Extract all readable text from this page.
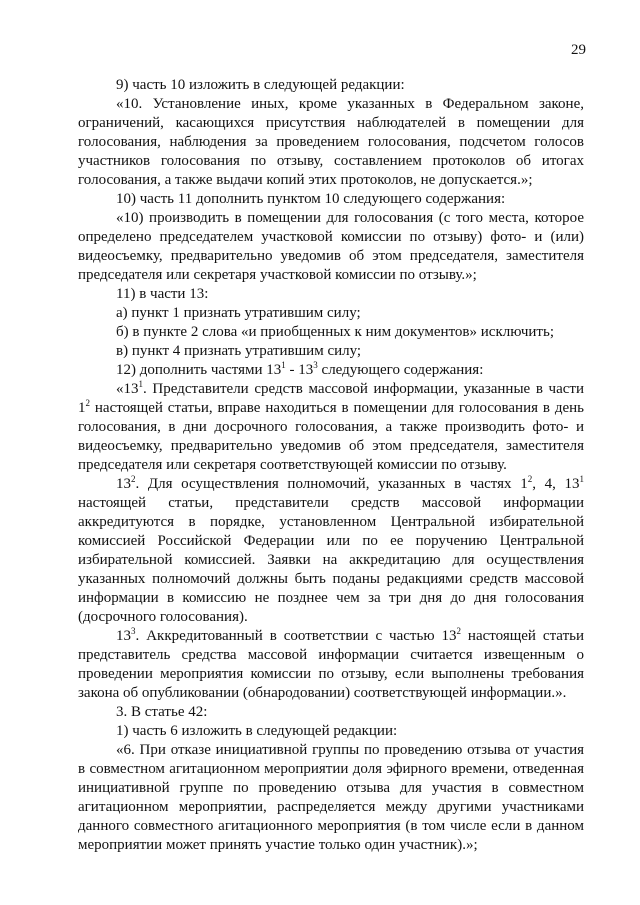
29

9) часть 10 изложить в следующей редакции:

«10. Установление иных, кроме указанных в Федеральном законе, ограничений, касающихся присутствия наблюдателей в помещении для голосования, наблюдения за проведением голосования, подсчетом голосов участников голосования по отзыву, составлением протоколов об итогах голосования, а также выдачи копий этих протоколов, не допускается.»;

10) часть 11 дополнить пунктом 10 следующего содержания:

«10) производить в помещении для голосования (с того места, которое определено председателем участковой комиссии по отзыву) фото- и (или) видеосъемку, предварительно уведомив об этом председателя, заместителя председателя или секретаря участковой комиссии по отзыву.»;

11) в части 13:

а) пункт 1 признать утратившим силу;

б) в пункте 2 слова «и приобщенных к ним документов» исключить;

в) пункт 4 признать утратившим силу;

12) дополнить частями $13^1 - 13^3$ следующего содержания:

«$13^1$. Представители средств массовой информации, указанные в части $1^2$ настоящей статьи, вправе находиться в помещении для голосования в день голосования, в дни досрочного голосования, а также производить фото- и видеосъемку, предварительно уведомив об этом председателя, заместителя председателя или секретаря соответствующей комиссии по отзыву.

$13^2$. Для осуществления полномочий, указанных в частях $1^2$, 4, $13^1$ настоящей статьи, представители средств массовой информации аккредитуются в порядке, установленном Центральной избирательной комиссией Российской Федерации или по ее поручению Центральной избирательной комиссией. Заявки на аккредитацию для осуществления указанных полномочий должны быть поданы редакциями средств массовой информации в комиссию не позднее чем за три дня до дня голосования (досрочного голосования).

$13^3$. Аккредитованный в соответствии с частью $13^2$ настоящей статьи представитель средства массовой информации считается извещенным о проведении мероприятия комиссии по отзыву, если выполнены требования закона об опубликовании (обнародовании) соответствующей информации.».

3. В статье 42:

1) часть 6 изложить в следующей редакции:

«6. При отказе инициативной группы по проведению отзыва от участия в совместном агитационном мероприятии доля эфирного времени, отведенная инициативной группе по проведению отзыва для участия в совместном агитационном мероприятии, распределяется между другими участниками данного совместного агитационного мероприятия (в том числе если в данном мероприятии может принять участие только один участник).»;
